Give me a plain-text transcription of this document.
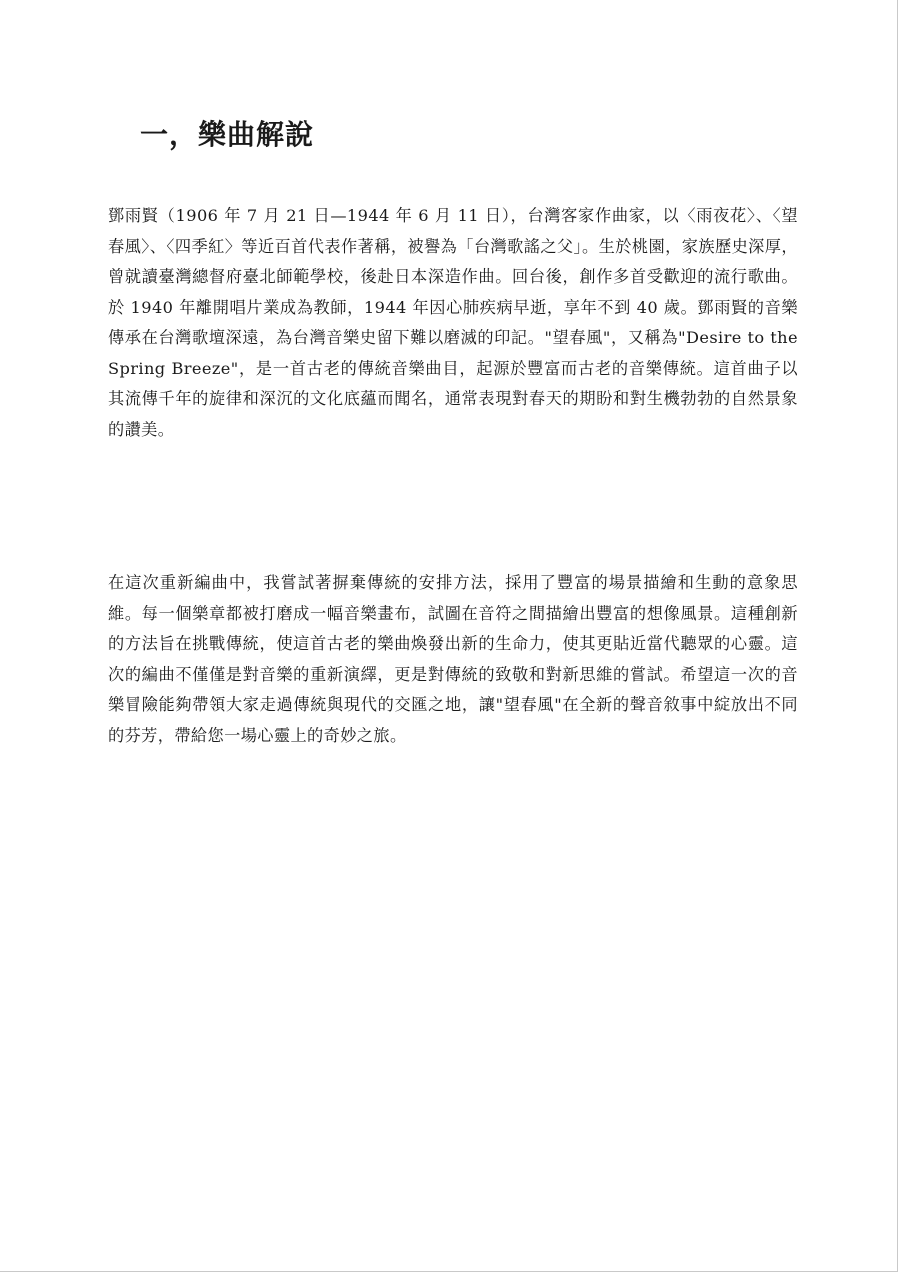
一，樂曲解說

鄧雨賢（1906 年 7 月 21 日—1944 年 6 月 11 日），台灣客家作曲家，以〈雨夜花〉、〈望春風〉、〈四季紅〉等近百首代表作著稱，被譽為「台灣歌謠之父」。生於桃園，家族歷史深厚，曾就讀臺灣總督府臺北師範學校，後赴日本深造作曲。回台後，創作多首受歡迎的流行歌曲。於 1940 年離開唱片業成為教師，1944 年因心肺疾病早逝，享年不到 40 歲。鄧雨賢的音樂傳承在台灣歌壇深遠，為台灣音樂史留下難以磨滅的印記。"望春風"，又稱為"Desire to the Spring Breeze"，是一首古老的傳統音樂曲目，起源於豐富而古老的音樂傳統。這首曲子以其流傳千年的旋律和深沉的文化底蘊而聞名，通常表現對春天的期盼和對生機勃勃的自然景象的讚美。

在這次重新編曲中，我嘗試著摒棄傳統的安排方法，採用了豐富的場景描繪和生動的意象思維。每一個樂章都被打磨成一幅音樂畫布，試圖在音符之間描繪出豐富的想像風景。這種創新的方法旨在挑戰傳統，使這首古老的樂曲煥發出新的生命力，使其更貼近當代聽眾的心靈。這次的編曲不僅僅是對音樂的重新演繹，更是對傳統的致敬和對新思維的嘗試。希望這一次的音樂冒險能夠帶領大家走過傳統與現代的交匯之地，讓"望春風"在全新的聲音敘事中綻放出不同的芬芳，帶給您一場心靈上的奇妙之旅。
